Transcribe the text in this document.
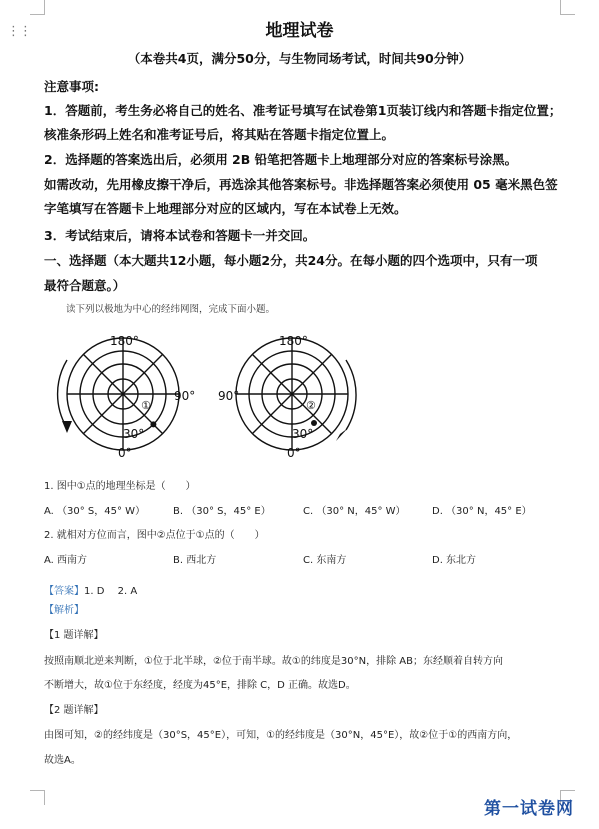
⋮⋮	地理试卷
（本卷共4页，满分50分，与生物同场考试，时间共90分钟）
注意事项:
1．答题前，考生务必将自己的姓名、准考证号填写在试卷第1页装订线内和答题卡指定位置；
核准条形码上姓名和准考证号后，将其贴在答题卡指定位置上。
2．选择题的答案选出后，必须用 2B 铅笔把答题卡上地理部分对应的答案标号涂黑。
如需改动，先用橡皮擦干净后，再选涂其他答案标号。非选择题答案必须使用 05 毫米黑色签
字笔填写在答题卡上地理部分对应的区域内，写在本试卷上无效。
3．考试结束后，请将本试卷和答题卡一并交回。
一、选择题（本大题共12小题，每小题2分，共24分。在每小题的四个选项中，只有一项
最符合题意。）
读下列以极地为中心的经纬网图，完成下面小题。
180°
90°
30°
0°
①
180°
90°
30°
0°
②
1. 图中①点的地理坐标是（　　）
A. （30° S，45° W）	B. （30° S，45° E）	C. （30° N，45° W）	D. （30° N，45° E）
2. 就相对方位而言，图中②点位于①点的（　　）
A. 西南方	B. 西北方	C. 东南方	D. 东北方
【答案】1. D　 2. A
【解析】
【1 题详解】
按照南顺北逆来判断，①位于北半球，②位于南半球。故①的纬度是30°N，排除 AB；东经顺着自转方向
不断增大，故①位于东经度，经度为45°E，排除 C，D 正确。故选D。
【2 题详解】
由图可知，②的经纬度是（30°S，45°E），可知，①的经纬度是（30°N，45°E），故②位于①的西南方向，
故选A。
第一试卷网
